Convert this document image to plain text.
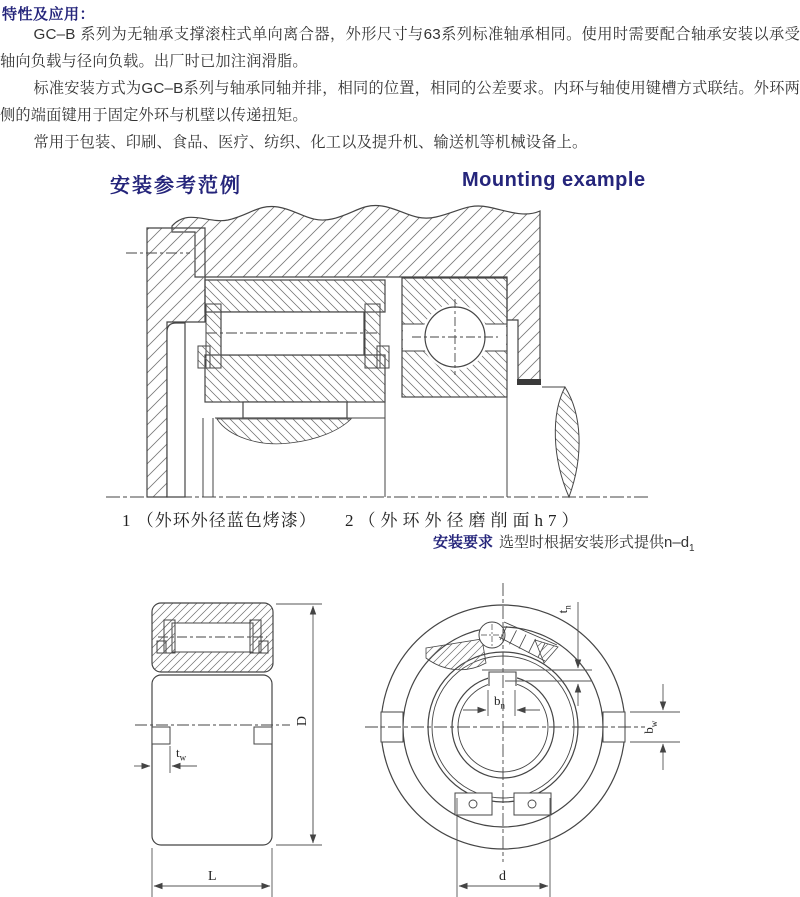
特性及应用：

GC–B 系列为无轴承支撑滚柱式单向离合器，外形尺寸与63系列标准轴承相同。使用时需要配合轴承安装以承受轴向负载与径向负载。出厂时已加注润滑脂。

标准安装方式为GC–B系列与轴承同轴并排，相同的位置，相同的公差要求。内环与轴使用键槽方式联结。外环两侧的端面键用于固定外环与机壁以传递扭矩。

常用于包装、印刷、食品、医疗、纺织、化工以及提升机、输送机等机械设备上。

安装参考范例	Mounting example
1 （外环外径蓝色烤漆） 2（外环外径磨削面h7）
安装要求 选型时根据安装形式提供$n-d_1$
$t_w$
D
L
$t_n$
$b_n$
$b_w$
d
